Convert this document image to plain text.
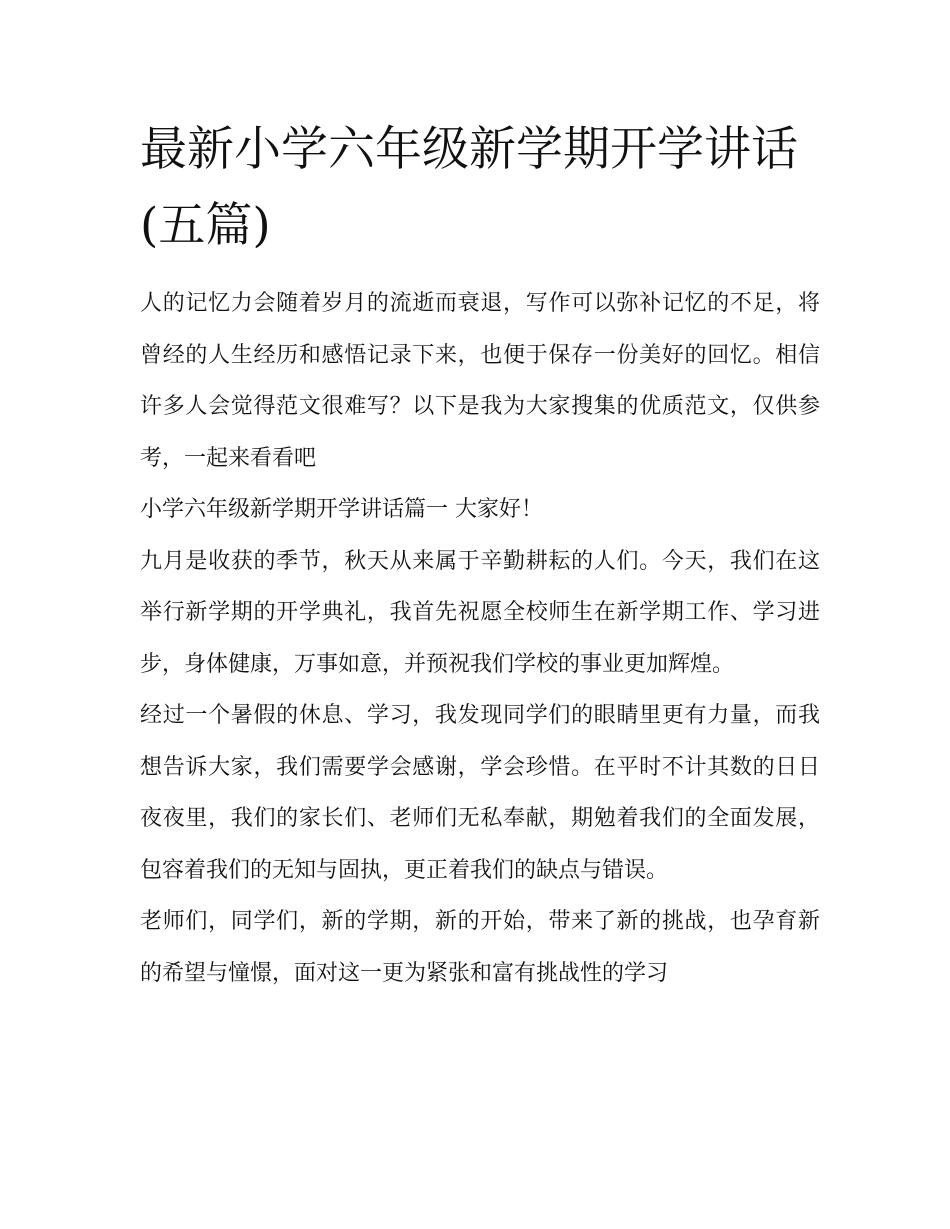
最新小学六年级新学期开学讲话(五篇)

人的记忆力会随着岁月的流逝而衰退，写作可以弥补记忆的不足，将曾经的人生经历和感悟记录下来，也便于保存一份美好的回忆。相信许多人会觉得范文很难写？以下是我为大家搜集的优质范文，仅供参考，一起来看看吧

小学六年级新学期开学讲话篇一 大家好！

九月是收获的季节，秋天从来属于辛勤耕耘的人们。今天，我们在这举行新学期的开学典礼，我首先祝愿全校师生在新学期工作、学习进步，身体健康，万事如意，并预祝我们学校的事业更加辉煌。

经过一个暑假的休息、学习，我发现同学们的眼睛里更有力量，而我想告诉大家，我们需要学会感谢，学会珍惜。在平时不计其数的日日夜夜里，我们的家长们、老师们无私奉献，期勉着我们的全面发展，包容着我们的无知与固执，更正着我们的缺点与错误。

老师们，同学们，新的学期，新的开始，带来了新的挑战，也孕育新的希望与憧憬，面对这一更为紧张和富有挑战性的学习
